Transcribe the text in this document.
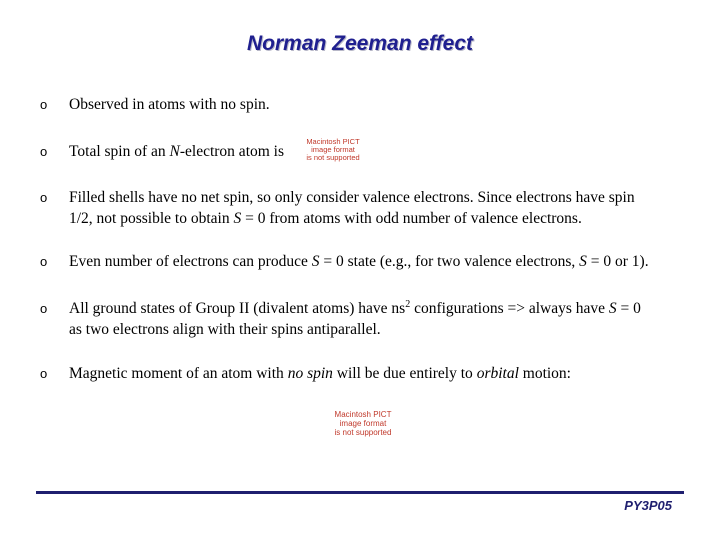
Norman Zeeman effect
o Observed in atoms with no spin.
o Total spin of an N-electron atom is
Macintosh PICT
image format
is not supported
o Filled shells have no net spin, so only consider valence electrons. Since electrons have spin
1/2, not possible to obtain S = 0 from atoms with odd number of valence electrons.
o Even number of electrons can produce S = 0 state (e.g., for two valence electrons, S = 0 or 1).
o All ground states of Group II (divalent atoms) have $ns^2$ configurations => always have S = 0
as two electrons align with their spins antiparallel.
o Magnetic moment of an atom with no spin will be due entirely to orbital motion:
Macintosh PICT
image format
is not supported
PY3P05
